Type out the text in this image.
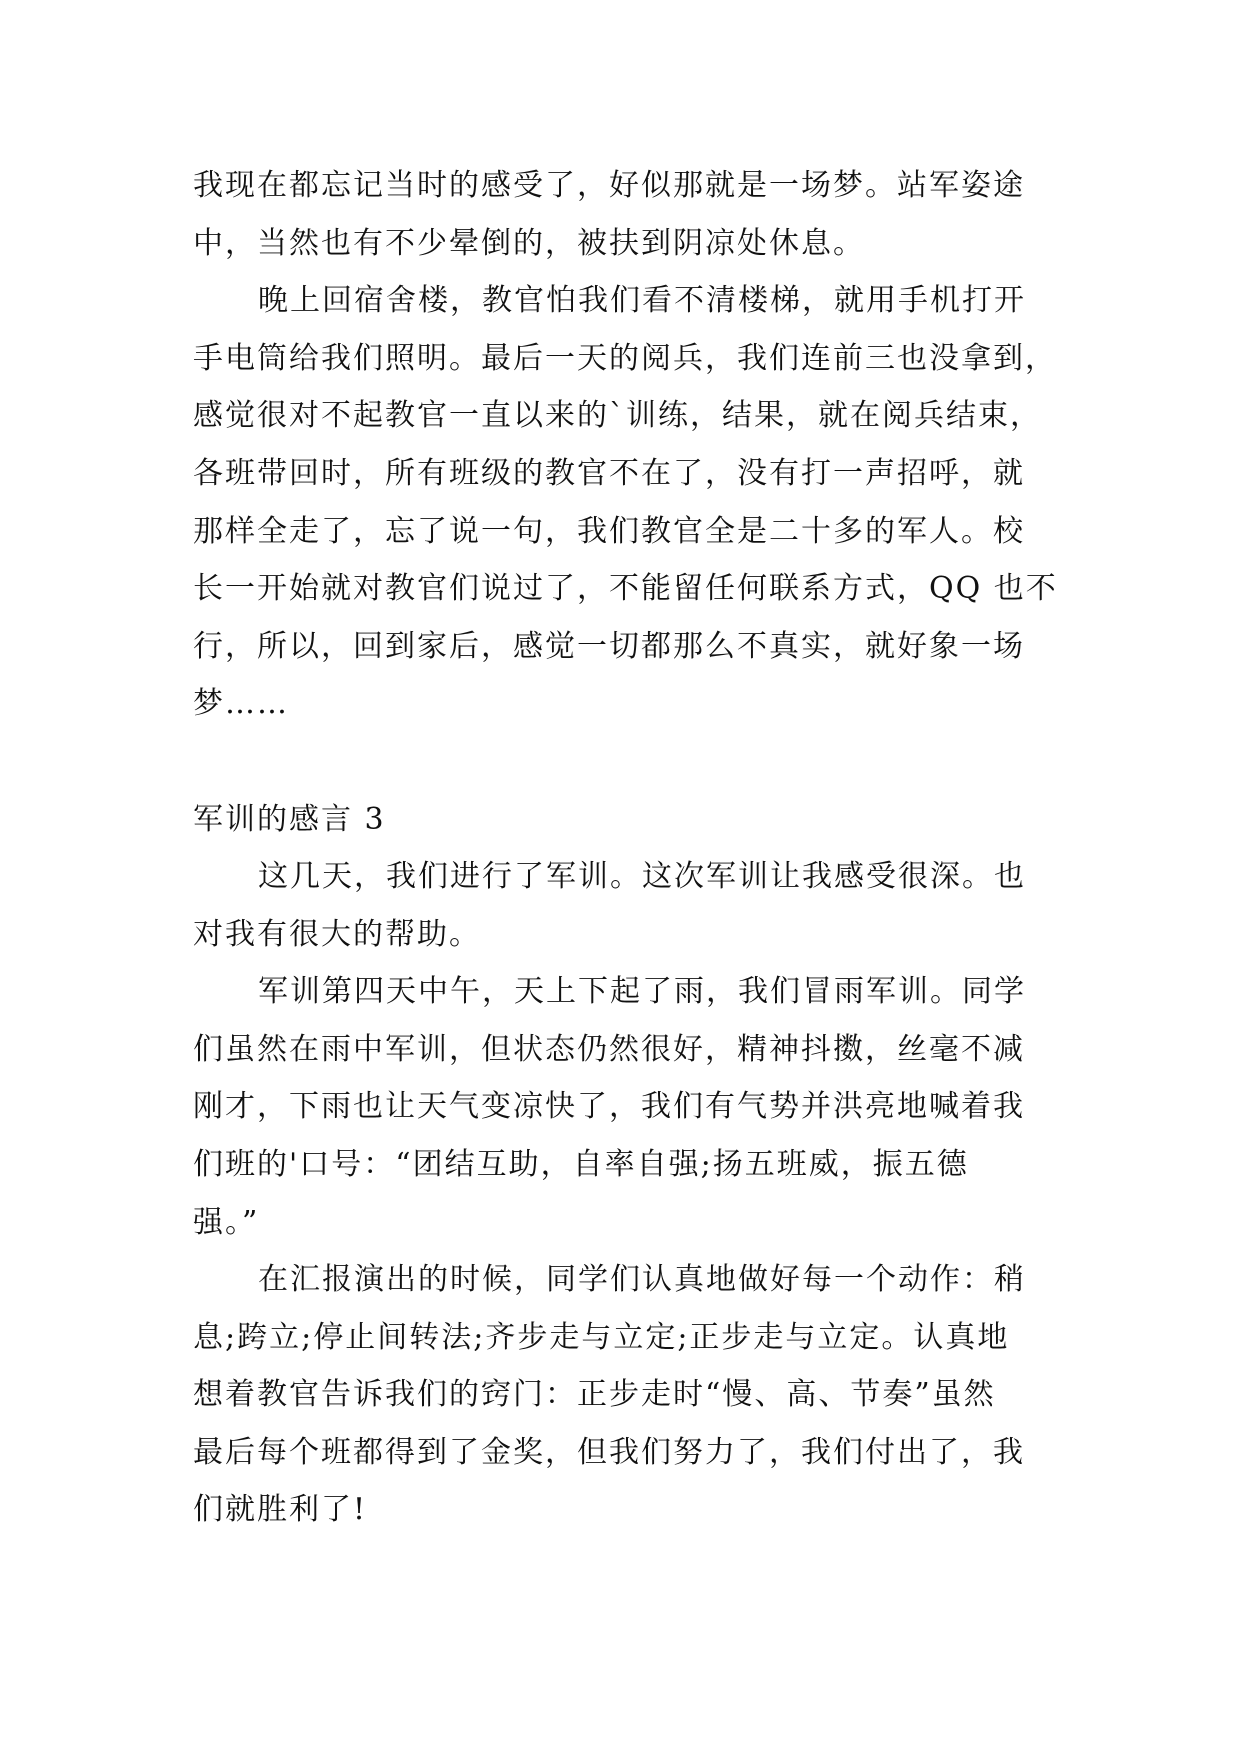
我现在都忘记当时的感受了，好似那就是一场梦。站军姿途
中，当然也有不少晕倒的，被扶到阴凉处休息。
晚上回宿舍楼，教官怕我们看不清楼梯，就用手机打开
手电筒给我们照明。最后一天的阅兵，我们连前三也没拿到，
感觉很对不起教官一直以来的`训练，结果，就在阅兵结束，
各班带回时，所有班级的教官不在了，没有打一声招呼，就
那样全走了，忘了说一句，我们教官全是二十多的军人。校
长一开始就对教官们说过了，不能留任何联系方式，QQ 也不
行，所以，回到家后，感觉一切都那么不真实，就好象一场
梦……
军训的感言 3
这几天，我们进行了军训。这次军训让我感受很深。也
对我有很大的帮助。
军训第四天中午，天上下起了雨，我们冒雨军训。同学
们虽然在雨中军训，但状态仍然很好，精神抖擞，丝毫不减
刚才，下雨也让天气变凉快了，我们有气势并洪亮地喊着我
们班的'口号：“团结互助，自率自强;扬五班威，振五德
强。”
在汇报演出的时候，同学们认真地做好每一个动作：稍
息;跨立;停止间转法;齐步走与立定;正步走与立定。认真地
想着教官告诉我们的窍门：正步走时“慢、高、节奏”虽然
最后每个班都得到了金奖，但我们努力了，我们付出了，我
们就胜利了!
